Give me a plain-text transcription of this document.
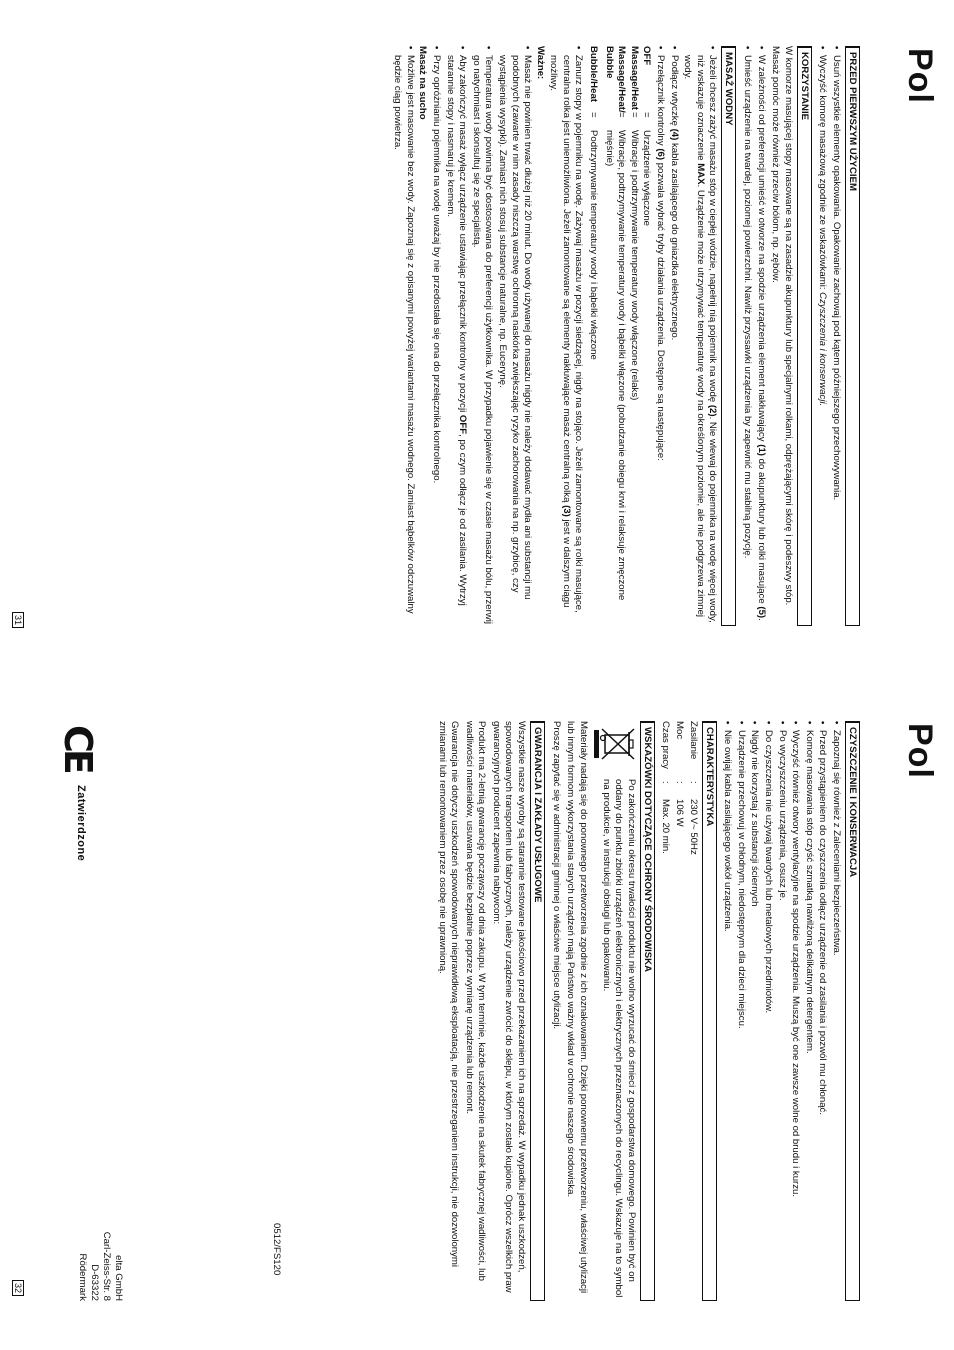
Pol
PRZED PIERWSZYM UŻYCIEM
• Usuń wszystkie elementy opakowania. Opakowanie zachowaj pod kątem późniejszego przechowywania.
• Wyczyść komorę masażową zgodnie ze wskazówkami: Czyszczenia i konserwacji.
KORZYSTANIE

W komorze masującej stopy masowane są na zasadzie akupunktury lub specjalnymi rolkami, odprężającymi skórę i podeszwy stóp. Masaż pomóc może również przeciw bólom, np. zębów.

• W zależności od preferencji umieść w otworze na spodzie urządzenia element nakłuwający (1) do akupunktury lub rolki masujące (5).
• Umieść urządzenie na twardej, poziomej powierzchni. Nawilż przyssawki urządzenia by zapewnić mu stabilną pozycję.
MASAŻ WODNY
• Jeżeli chcesz zażyć masażu stóp w ciepłej wódzie, napełnij nią pojemnik na wodę (2). Nie wlewaj do pojemnika na wodę więcej wody, niż wskazuje oznaczenie MAX. Urządzenie może utrzymywać temperaturę wody na określonym poziomie, ale nie podgrzewa zimnej wody.
• Podłącz wtyczkę (4) kabla zasilającego do gniazdka elektrycznego.
• Przełącznik kontrolny (6) pozwala wybrać tryby działania urządzenia. Dostępne są następujące:
OFF
=
Urządzenie wyłączone
Massage/Heat
=
Wibracje i podtrzymywanie temperatury wody włączone (relaks)
Massage/Heat/ Bubble
=
Wibracje, podtrzymywanie temperatury wody i bąbelki włączone (pobudzanie obiegu krwi i relaksuje zmęczone mięśnie)
Bubble/Heat
=
Podtrzymywanie temperatury wody i bąbelki włączone
• Zanurz stopy w pojemniku na wodę. Zażywaj masażu w pozycji siedzącej, nigdy na stojąco. Jeżeli zamontowane są rolki masujące, centralna rolka jest uniemożliwiona. Jeżeli zamontowane są elementy nakłuwające masaż centralną rolką (3) jest w dalszym ciągu możliwy.
Ważne:
• Masaż nie powinien trwać dłużej niż 20 minut. Do wody używanej do masażu nigdy nie należy dodawać mydła ani substancji mu podobnych (zawarte w nim zasady niszczą warstwę ochronną naskórka zwiększając ryzyko zachorowania na np. grzybicę, czy wystąpienia wysypki). Zamiast nich stosuj substancje naturalne, np. Eucerynę.
• Temperatura wody powinna być dostosowana do preferencji użytkownika. W przypadku pojawienie się w czasie masażu bólu, przerwij go natychmiast i skonsultuj się ze specjalistą.
• Aby zakończyć masaż wyłącz urządzenie ustawiając przełącznik kontrolny w pozycji OFF, po czym odłącz je od zasilania. Wytrzyj starannie stopy i nasmaruj je kremem.
• Przy opróżnianiu pojemnika na wodę uważaj by nie przedostała się ona do przełącznika kontrolnego.
Masaż na sucho
• Możliwe jest masowanie bez wody. Zapoznaj się z opisanymi powyżej wariantami masażu wodnego. Zamiast bąbelków odczuwalny będzie ciąg powietrza.
31
Pol
CZYSZCZENIE I KONSERWACJA
• Zapoznaj się również z Zaleceniami bezpieczeństwa.
• Przed przystąpieniem do czyszczenia odłącz urządzenie od zasilania i pozwól mu chłonąć.
• Komorę masowania stóp czyść szmatką nawilżoną delikatnym detergentem.
• Wyczyść również otwory wentylacyjne na spodzie urządzenia. Muszą być one zawsze wolne od brudu i kurzu.
• Po wyczyszczeniu urządzenia, osusz je.
• Do czyszczenia nie używaj twardych lub metalowych przedmiotów.
• Nigdy nie korzystaj z substancji ściernych
• Urządzenie przechowuj w chłodnym, niedostępnym dla dzieci miejscu.
• Nie owijaj kabla zasilającego wokół urządzenia.
CHARAKTERYSTYKA
Zasilanie
:
230 V~ 50Hz
Moc
:
106 W
Czas pracy
:
Max. 20 min.
WSKAZÓWKI DOTYCZĄCE OCHRONY ŚRODOWISKA
Po zakończeniu okresu trwałości produktu nie wolno wyrzucać do śmieci z gospodarstwa domowego. Powinien być on oddany do punktu zbiórki urządzeń elektronicznych i elektrycznych przeznaczonych do recyclingu. Wskazuje na to symbol na produkcie, w instrukcji obsługi lub opakowaniu.

Materiały nadają się do ponownego przetworzenia zgodnie z ich oznakowaniem. Dzięki ponownemu przetworzeniu, właściwej utylizacji lub innym formom wykorzystania starych urządzeń mają Państwo ważny wkład w ochronie naszego środowiska.

Proszę zapytać się w administracji gminnej o właściwe miejsce utylizacji.

GWARANCJA I ZAKŁADY USŁUGOWE

Wszystkie nasze wyroby są starannie testowane jakościowo przed przekazaniem ich na sprzedaż. W wypadku jednak uszkodzeń, spowodowanych transportem lub fabrycznych, należy urządzenie zwrócić do sklepu, w którym zostało kupione. Oprócz wszelkich praw gwarancyjnych producent zapewnia nabywcom:

Produkt ma 2-letnią gwarancję począwszy od dnia zakupu. W tym terminie, każde uszkodzenie na skutek fabrycznej wadliwości, lub wadliwości materiałów, usuwana będzie bezpłatnie poprzez wymianę urządzenia lub remont.

Gwarancja nie dotyczy uszkodzeń spowodowanych nieprawidłową eksploatacją, nie przestrzeganiem instrukcji, nie dozwolonymi zmianami lub remontowaniem przez osobę nie uprawnioną.

0512/FS120
CE
Zatwierdzone
elta GmbH
Carl-Zeiss-Str. 8
D-63322 Rödermark
32
